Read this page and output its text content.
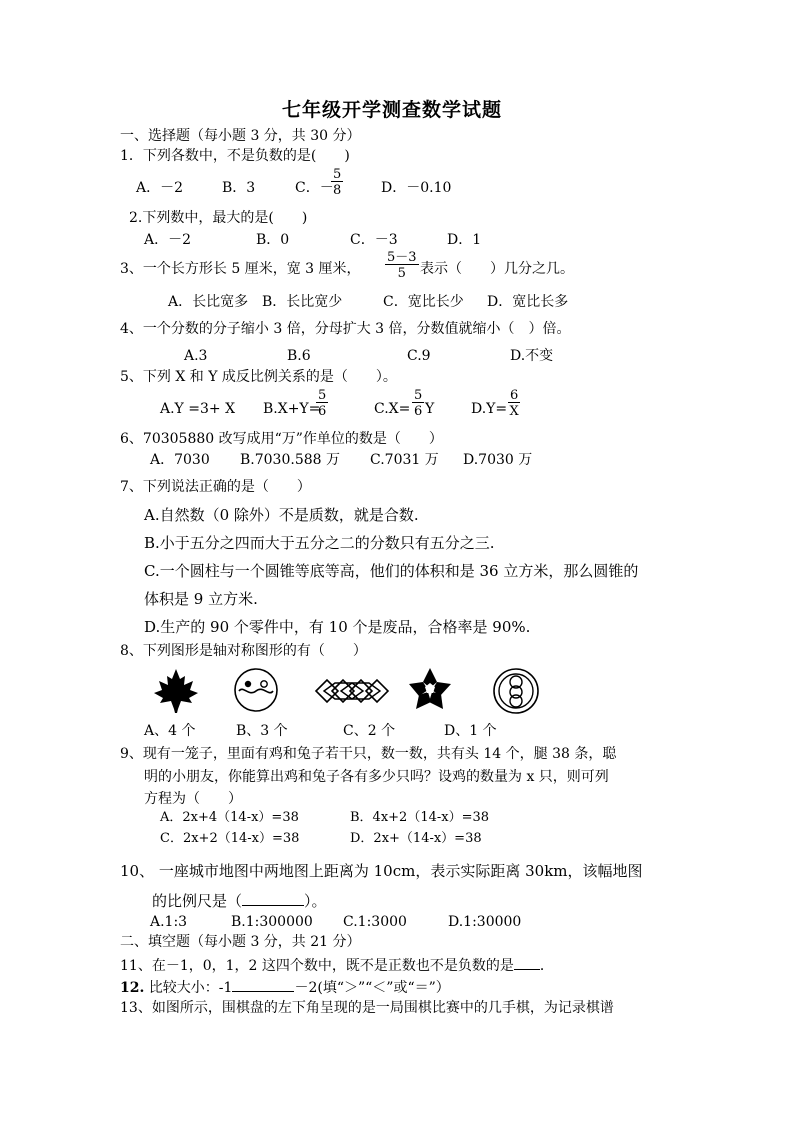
七年级开学测查数学试题
一、选择题（每小题 3 分，共 30 分）
1．下列各数中，不是负数的是(　　)
A．－2	B．3	C．－
$\frac{5}{8}$	D．－0.10
2.下列数中，最大的是(　　)
A．－2	B．0	C．－3	D．1
3、一个长方形长 5 厘米，宽 3 厘米， $\frac{5-3}{5}$ 表示（　　）几分之几。
A．长比宽多 B．长比宽少	C．宽比长少 D．宽比长多
4、一个分数的分子缩小 3 倍，分母扩大 3 倍，分数值就缩小（　）倍。
A.3	B.6	C.9	D.不变
5、下列 X 和 Y 成反比例关系的是（　　）。
A.Y =3+ X B.X+Y=
$\frac{5}{6}$	$C.X= \frac{5}{6}$ Y	$D.Y= \frac{6}{X}$
6、70305880 改写成用“万”作单位的数是（　　）
A．7030 B.7030.588 万 C.7031 万 D.7030 万
7、下列说法正确的是（　　）
A.自然数（0 除外）不是质数，就是合数.
B.小于五分之四而大于五分之二的分数只有五分之三.
C.一个圆柱与一个圆锥等底等高，他们的体积和是 36 立方米，那么圆锥的
体积是 9 立方米.
D.生产的 90 个零件中，有 10 个是废品，合格率是 90%.
8、下列图形是轴对称图形的有（　　）
A、4 个	B、3 个	C、2 个	D、1 个
9、现有一笼子，里面有鸡和兔子若干只，数一数，共有头 14 个，腿 38 条，聪
明的小朋友，你能算出鸡和兔子各有多少只吗？设鸡的数量为 x 只，则可列
方程为（　　）
A．2x+4（14-x）=38	B．4x+2（14-x）=38
C．2x+2（14-x）=38	D．2x+（14-x）=38
10、 一座城市地图中两地图上距离为 10cm，表示实际距离 30km，该幅地图
的比例尺是（	）。
A.1:3	B.1:300000 C.1:3000	D.1:30000
二、填空题（每小题 3 分，共 21 分）
11、在－1，0，1，2 这四个数中，既不是正数也不是负数的是 ．
12. 比较大小：-1	－2(填“＞”“＜”或“＝”）
13、如图所示，围棋盘的左下角呈现的是一局围棋比赛中的几手棋，为记录棋谱
